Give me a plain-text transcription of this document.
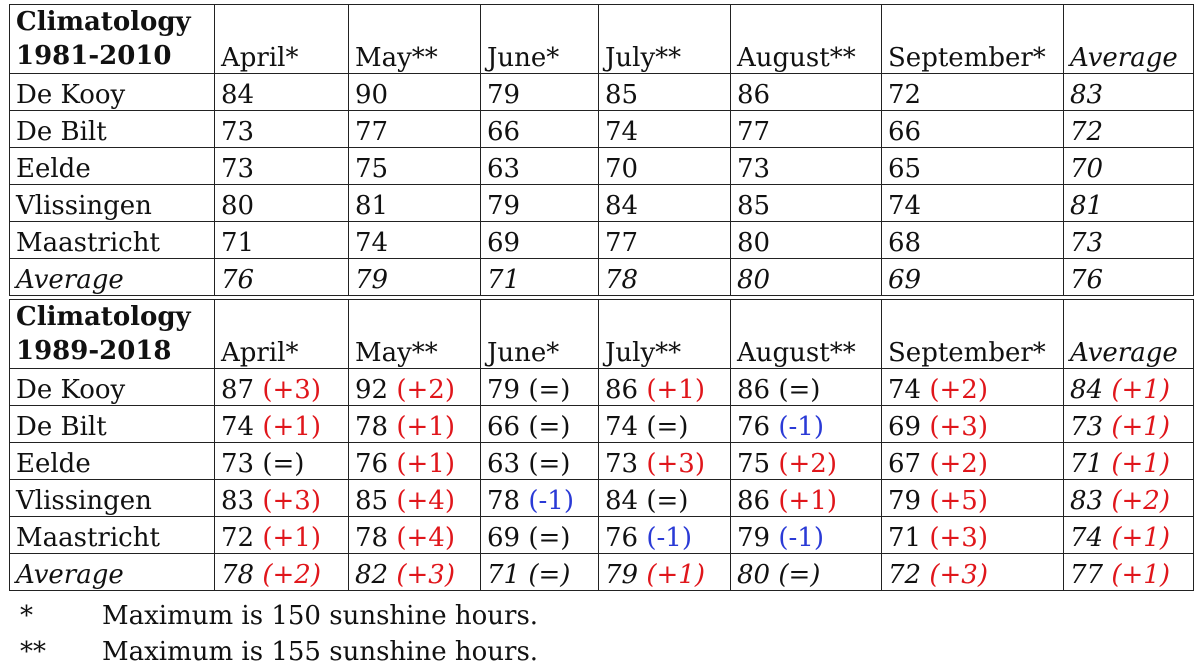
Climatology
1981-2010	April*	May**	June*	July**	August**	September*	Average
De Kooy	84	90	79	85	86	72	83
De Bilt	73	77	66	74	77	66	72
Eelde	73	75	63	70	73	65	70
Vlissingen	80	81	79	84	85	74	81
Maastricht	71	74	69	77	80	68	73
Average	76	79	71	78	80	69	76

Climatology
1989-2018	April*	May**	June*	July**	August**	September*	Average
De Kooy	87 (+3)	92 (+2)	79 (=)	86 (+1)	86 (=)	74 (+2)	84 (+1)
De Bilt	74 (+1)	78 (+1)	66 (=)	74 (=)	76 (-1)	69 (+3)	73 (+1)
Eelde	73 (=)	76 (+1)	63 (=)	73 (+3)	75 (+2)	67 (+2)	71 (+1)
Vlissingen	83 (+3)	85 (+4)	78 (-1)	84 (=)	86 (+1)	79 (+5)	83 (+2)
Maastricht	72 (+1)	78 (+4)	69 (=)	76 (-1)	79 (-1)	71 (+3)	74 (+1)
Average	78 (+2)	82 (+3)	71 (=)	79 (+1)	80 (=)	72 (+3)	77 (+1)
*	Maximum is 150 sunshine hours.
**	Maximum is 155 sunshine hours.
